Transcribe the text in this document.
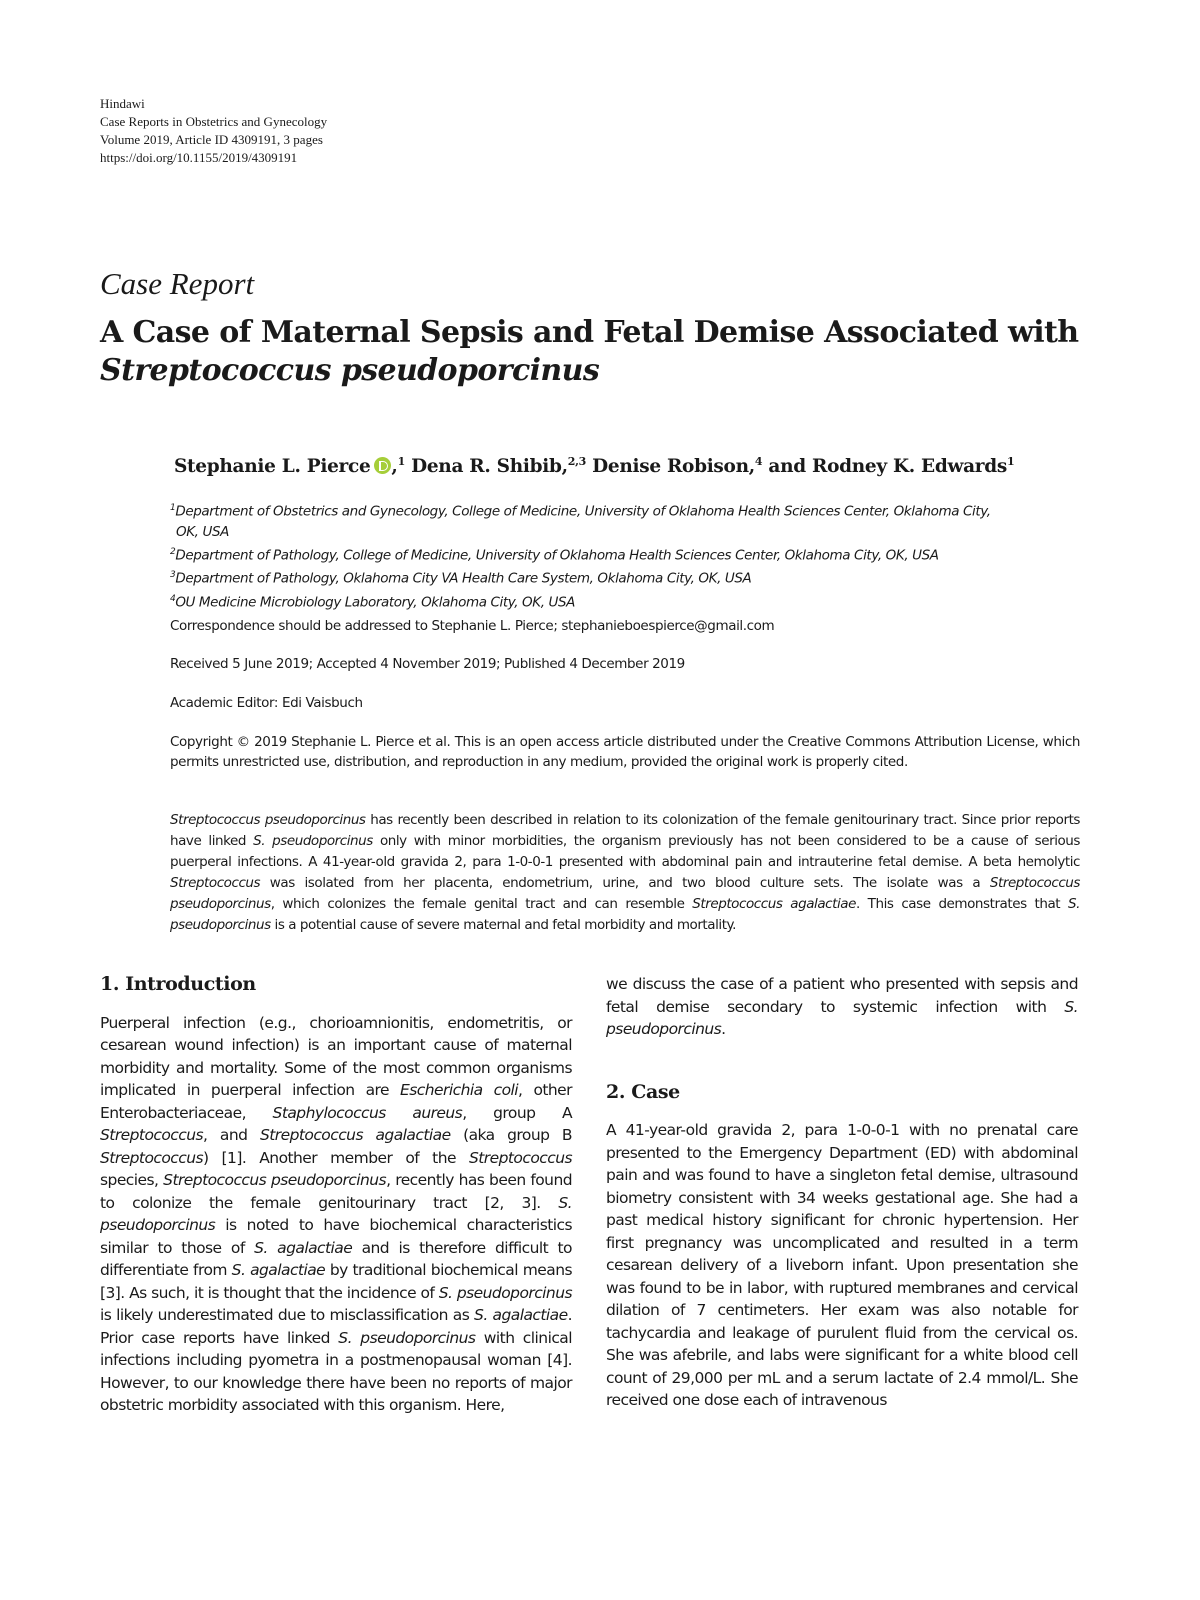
Hindawi
Case Reports in Obstetrics and Gynecology
Volume 2019, Article ID 4309191, 3 pages
https://doi.org/10.1155/2019/4309191
Case Report
A Case of Maternal Sepsis and Fetal Demise Associated with
Streptococcus pseudoporcinus
Stephanie L. Pierce ,$^1$ Dena R. Shibib,$^{2,3}$ Denise Robison,$^4$ and Rodney K. Edwards$^1$
$^1$Department of Obstetrics and Gynecology, College of Medicine, University of Oklahoma Health Sciences Center, Oklahoma City,
OK, USA
$^2$Department of Pathology, College of Medicine, University of Oklahoma Health Sciences Center, Oklahoma City, OK, USA
$^3$Department of Pathology, Oklahoma City VA Health Care System, Oklahoma City, OK, USA
$^4$OU Medicine Microbiology Laboratory, Oklahoma City, OK, USA
Correspondence should be addressed to Stephanie L. Pierce; stephanieboespierce@gmail.com
Received 5 June 2019; Accepted 4 November 2019; Published 4 December 2019
Academic Editor: Edi Vaisbuch
Copyright © 2019 Stephanie L. Pierce et al. This is an open access article distributed under the Creative Commons Attribution License, which permits unrestricted use, distribution, and reproduction in any medium, provided the original work is properly cited.
Streptococcus pseudoporcinus has recently been described in relation to its colonization of the female genitourinary tract. Since prior reports have linked S. pseudoporcinus only with minor morbidities, the organism previously has not been considered to be a cause of serious puerperal infections. A 41-year-old gravida 2, para 1-0-0-1 presented with abdominal pain and intrauterine fetal demise. A beta hemolytic Streptococcus was isolated from her placenta, endometrium, urine, and two blood culture sets. The isolate was a Streptococcus pseudoporcinus, which colonizes the female genital tract and can resemble Streptococcus agalactiae. This case demonstrates that S. pseudoporcinus is a potential cause of severe maternal and fetal morbidity and mortality.
1. Introduction

Puerperal infection (e.g., chorioamnionitis, endometritis, or cesarean wound infection) is an important cause of maternal morbidity and mortality. Some of the most common organisms implicated in puerperal infection are Escherichia coli, other Enterobacteriaceae, Staphylococcus aureus, group A Streptococcus, and Streptococcus agalactiae (aka group B Streptococcus) [1]. Another member of the Streptococcus species, Streptococcus pseudoporcinus, recently has been found to colonize the female genitourinary tract [2, 3]. S. pseudoporcinus is noted to have biochemical characteristics similar to those of S. agalactiae and is therefore difficult to differentiate from S. agalactiae by traditional biochemical means [3]. As such, it is thought that the incidence of S. pseudoporcinus is likely underestimated due to misclassification as S. agalactiae. Prior case reports have linked S. pseudoporcinus with clinical infections including pyometra in a postmenopausal woman [4]. However, to our knowledge there have been no reports of major obstetric morbidity associated with this organism. Here,

we discuss the case of a patient who presented with sepsis and fetal demise secondary to systemic infection with S. pseudoporcinus.

2. Case

A 41-year-old gravida 2, para 1-0-0-1 with no prenatal care presented to the Emergency Department (ED) with abdominal pain and was found to have a singleton fetal demise, ultrasound biometry consistent with 34 weeks gestational age. She had a past medical history significant for chronic hypertension. Her first pregnancy was uncomplicated and resulted in a term cesarean delivery of a liveborn infant. Upon presentation she was found to be in labor, with ruptured membranes and cervical dilation of 7 centimeters. Her exam was also notable for tachycardia and leakage of purulent fluid from the cervical os. She was afebrile, and labs were significant for a white blood cell count of 29,000 per mL and a serum lactate of 2.4 mmol/L. She received one dose each of intravenous
